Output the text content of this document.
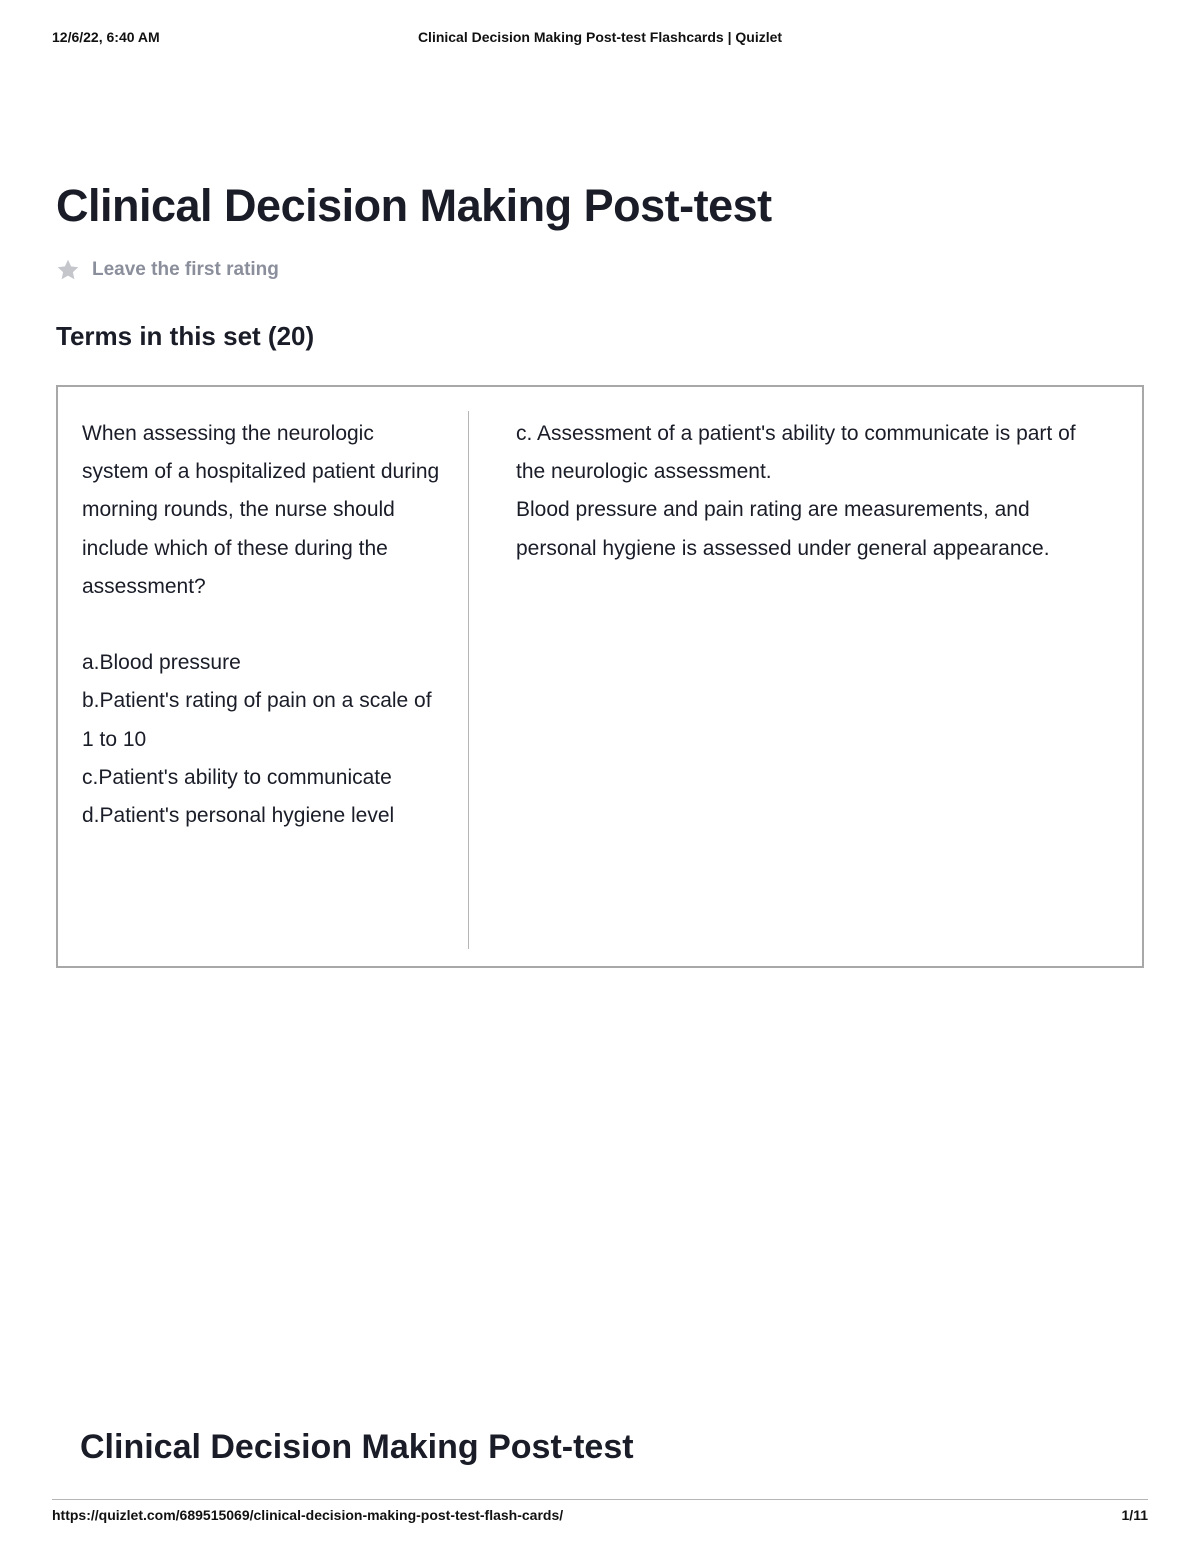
12/6/22, 6:40 AM	Clinical Decision Making Post-test Flashcards | Quizlet
Clinical Decision Making Post-test
Leave the first rating
Terms in this set (20)

When assessing the neurologic system of a hospitalized patient during morning rounds, the nurse should include which of these during the assessment?

a.Blood pressure
b.Patient's rating of pain on a scale of 1 to 10
c.Patient's ability to communicate
d.Patient's personal hygiene level

c. Assessment of a patient's ability to communicate is part of the neurologic assessment.
Blood pressure and pain rating are measurements, and personal hygiene is assessed under general appearance.

Clinical Decision Making Post-test
https://quizlet.com/689515069/clinical-decision-making-post-test-flash-cards/	1/11
